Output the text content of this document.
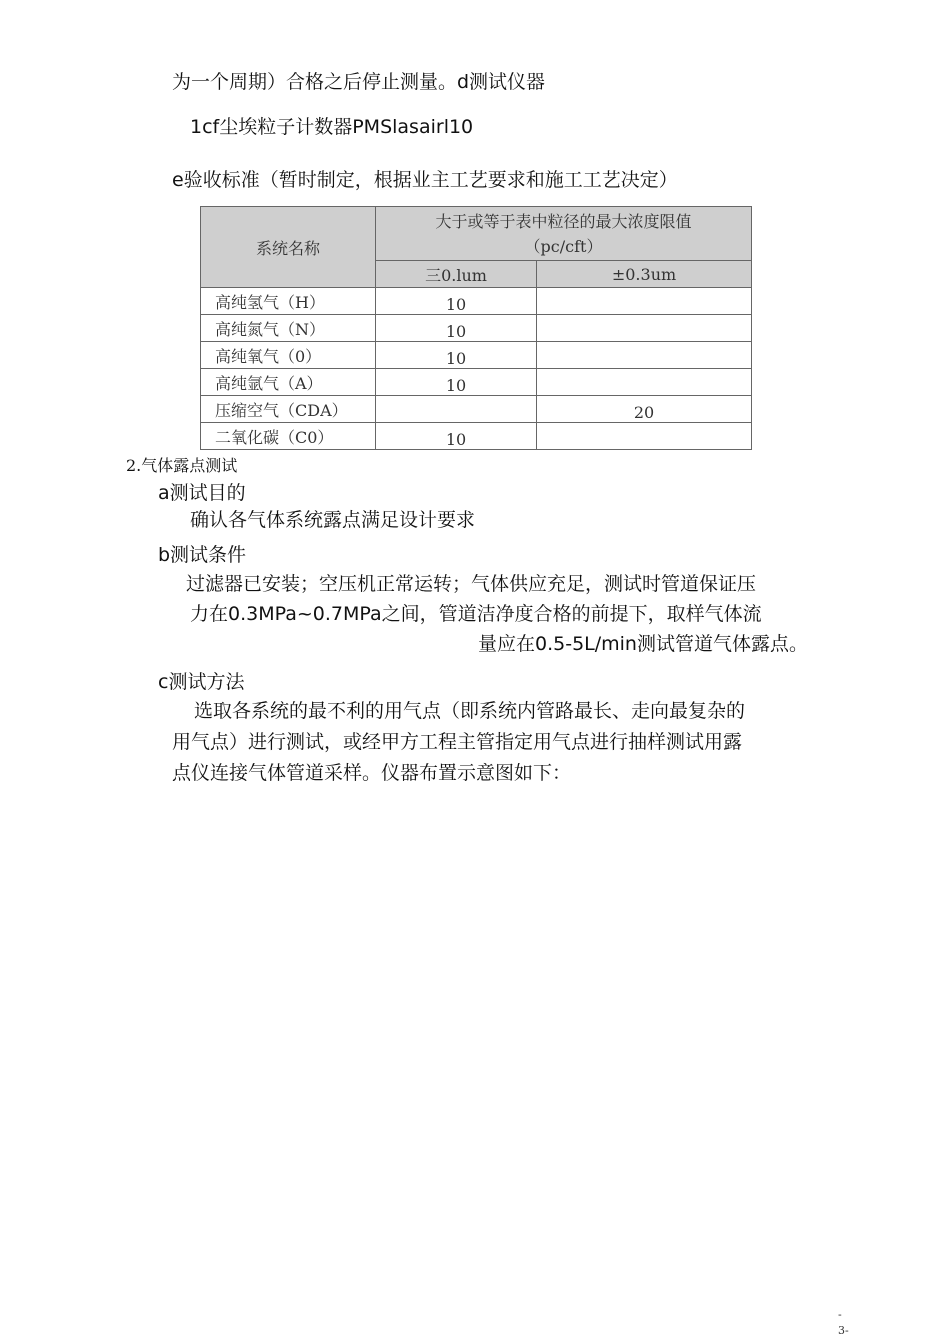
为一个周期）合格之后停止测量。d测试仪器
1cf尘埃粒子计数器PMSlasairl10
e验收标准（暂时制定，根据业主工艺要求和施工工艺决定）
系统名称	大于或等于表中粒径的最大浓度限值
（pc/cft）	

	三0.lum	±0.3um
高纯氢气（H）	10	
高纯氮气（N）	10	
高纯氧气（0）	10	
高纯氩气（A）	10	
压缩空气（CDA）		20
二氧化碳（C0）	10	
2.气体露点测试
a测试目的
确认各气体系统露点满足设计要求
b测试条件
过滤器已安装；空压机正常运转；气体供应充足，测试时管道保证压
力在0.3MPa~0.7MPa之间，管道洁净度合格的前提下，取样气体流
量应在0.5-5L/min测试管道气体露点。
c测试方法
选取各系统的最不利的用气点（即系统内管路最长、走向最复杂的
用气点）进行测试，或经甲方工程主管指定用气点进行抽样测试用露
点仪连接气体管道采样。仪器布置示意图如下：
-
3-
